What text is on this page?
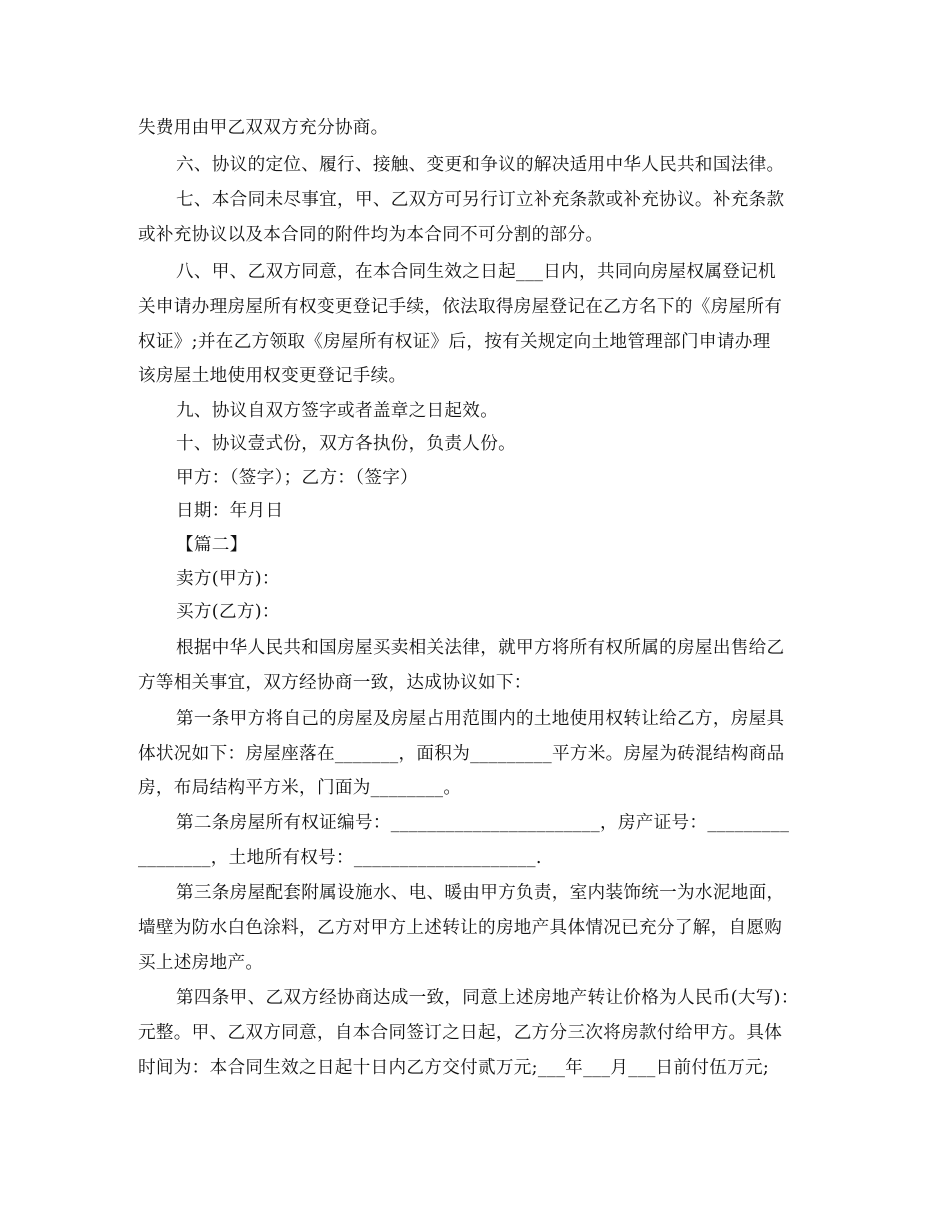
失费用由甲乙双双方充分协商。
六、协议的定位、履行、接触、变更和争议的解决适用中华人民共和国法律。
七、本合同未尽事宜，甲、乙双方可另行订立补充条款或补充协议。补充条款
或补充协议以及本合同的附件均为本合同不可分割的部分。
八、甲、乙双方同意，在本合同生效之日起___日内，共同向房屋权属登记机
关申请办理房屋所有权变更登记手续，依法取得房屋登记在乙方名下的《房屋所有
权证》;并在乙方领取《房屋所有权证》后，按有关规定向土地管理部门申请办理
该房屋土地使用权变更登记手续。
九、协议自双方签字或者盖章之日起效。
十、协议壹式份，双方各执份，负责人份。
甲方：（签字）；乙方：（签字）
日期：年月日
【篇二】
卖方(甲方)：
买方(乙方)：
根据中华人民共和国房屋买卖相关法律，就甲方将所有权所属的房屋出售给乙
方等相关事宜，双方经协商一致，达成协议如下：
第一条甲方将自己的房屋及房屋占用范围内的土地使用权转让给乙方，房屋具
体状况如下：房屋座落在_______，面积为_________平方米。房屋为砖混结构商品
房，布局结构平方米，门面为________。
第二条房屋所有权证编号：_______________________，房产证号：_________
________，土地所有权号：____________________.
第三条房屋配套附属设施水、电、暖由甲方负责，室内装饰统一为水泥地面，
墙壁为防水白色涂料，乙方对甲方上述转让的房地产具体情况已充分了解，自愿购
买上述房地产。
第四条甲、乙双方经协商达成一致，同意上述房地产转让价格为人民币(大写)：
元整。甲、乙双方同意，自本合同签订之日起，乙方分三次将房款付给甲方。具体
时间为：本合同生效之日起十日内乙方交付贰万元;___年___月___日前付伍万元;
